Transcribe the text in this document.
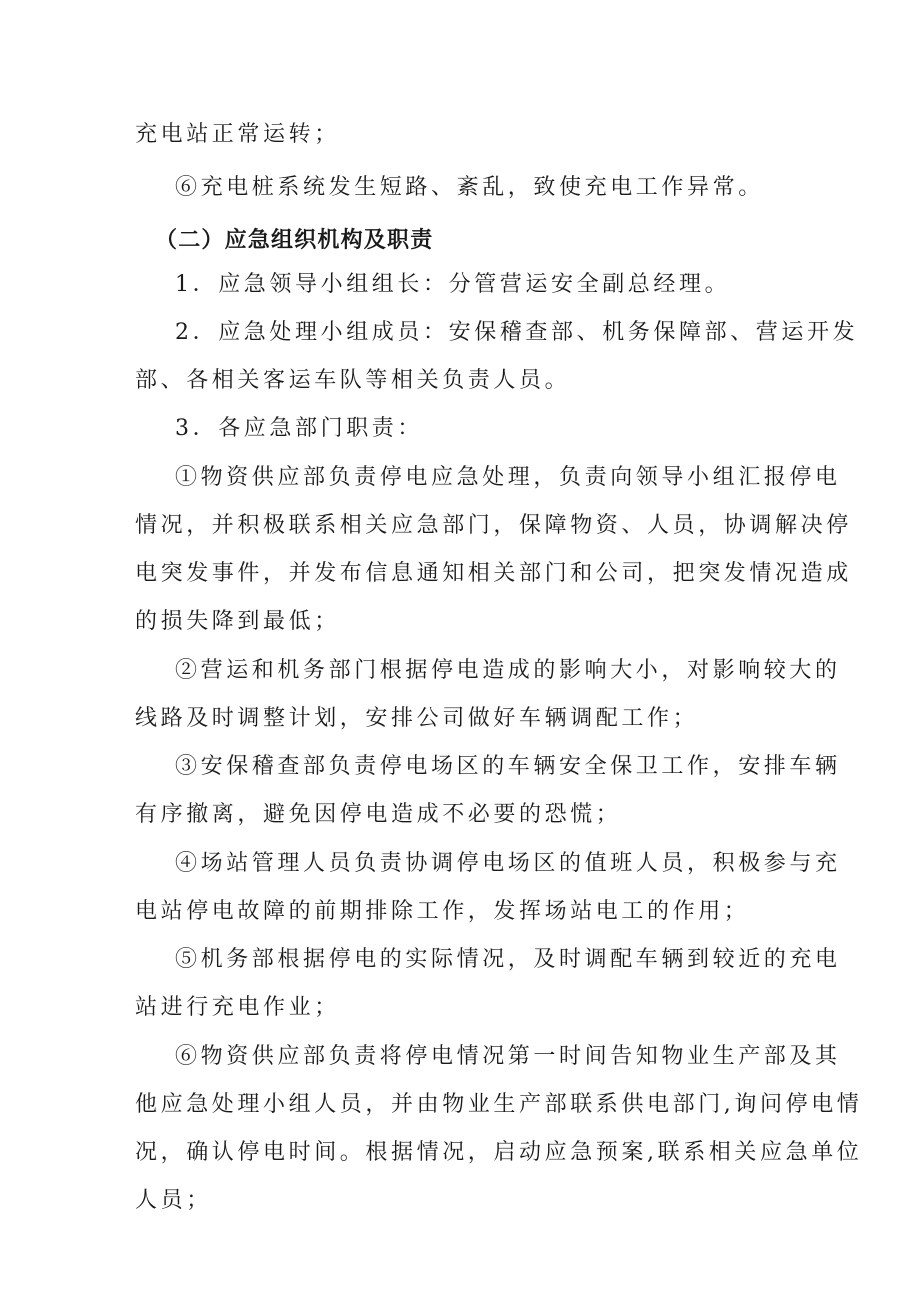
充电站正常运转；
⑥充电桩系统发生短路、紊乱，致使充电工作异常。
（二）应急组织机构及职责
1．应急领导小组组长：分管营运安全副总经理。
2．应急处理小组成员：安保稽查部、机务保障部、营运开发
部、各相关客运车队等相关负责人员。
3．各应急部门职责：
①物资供应部负责停电应急处理，负责向领导小组汇报停电
情况，并积极联系相关应急部门，保障物资、人员，协调解决停
电突发事件，并发布信息通知相关部门和公司，把突发情况造成
的损失降到最低；
②营运和机务部门根据停电造成的影响大小，对影响较大的
线路及时调整计划，安排公司做好车辆调配工作；
③安保稽查部负责停电场区的车辆安全保卫工作，安排车辆
有序撤离，避免因停电造成不必要的恐慌；
④场站管理人员负责协调停电场区的值班人员，积极参与充
电站停电故障的前期排除工作，发挥场站电工的作用；
⑤机务部根据停电的实际情况，及时调配车辆到较近的充电
站进行充电作业；
⑥物资供应部负责将停电情况第一时间告知物业生产部及其
他应急处理小组人员，并由物业生产部联系供电部门,询问停电情
况，确认停电时间。根据情况，启动应急预案,联系相关应急单位
人员；
